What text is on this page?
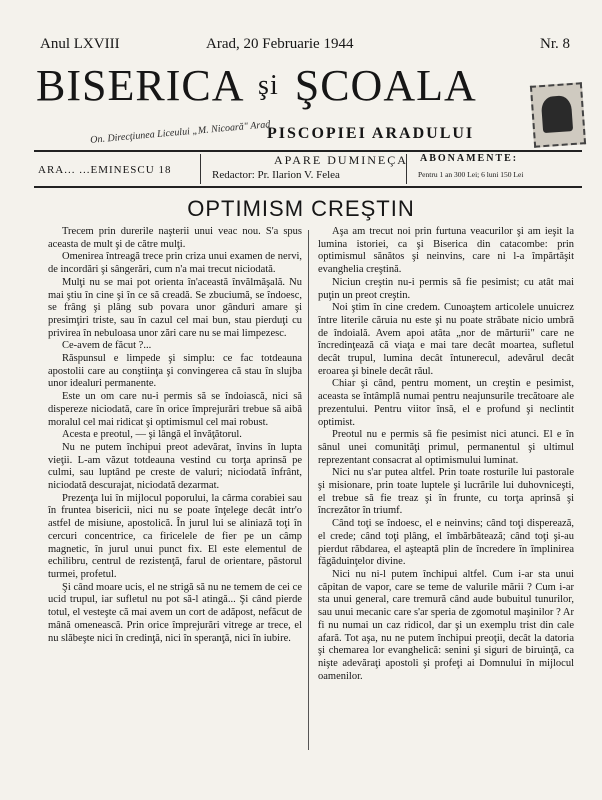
Anul LXVIII	Arad, 20 Februarie 1944	Nr. 8
BISERICA şi ŞCOALA
On. Direcţiunea Liceului „M. Nicoară" Arad
PISCOPIEI ARADULUI
ARA... ...EMINESCU 18
APARE DUMINEÇA
Redactor: Pr. Ilarion V. Felea
ABONAMENTE:
Pentru 1 an 300 Lei; 6 luni 150 Lei
OPTIMISM CREŞTIN

Trecem prin durerile naşterii unui veac nou. S'a spus aceasta de mult şi de către mulţi.

Omenirea întreagă trece prin criza unui examen de nervi, de incordări şi sângerări, cum n'a mai trecut niciodată.

Mulţi nu se mai pot orienta în'această învălmăşală. Nu mai ştiu în cine şi în ce să creadă. Se zbuciumă, se îndoesc, se frâng şi plâng sub povara unor gânduri amare şi presimţiri triste, sau în cazul cel mai bun, stau pierduţi cu privirea în nebuloasa unor zări care nu se mai limpezesc.

Ce-avem de făcut ?...

Răspunsul e limpede şi simplu: ce fac totdeauna apostolii care au conştiinţa şi convingerea că stau în slujba unor idealuri permanente.

Este un om care nu-i permis să se îndoiască, nici să dispereze niciodată, care în orice împrejurări trebue să aibă moralul cel mai ridicat şi optimismul cel mai robust.

Acesta e preotul, — şi lângă el învăţătorul.

Nu ne putem închipui preot adevărat, învins în lupta vieţii. L-am văzut totdeauna vestind cu torţa aprinsă pe culmi, sau luptând pe creste de valuri; niciodată înfrânt, niciodată descurajat, niciodată dezarmat.

Prezenţa lui în mijlocul poporului, la cârma corabiei sau în fruntea bisericii, nici nu se poate înţelege decât intr'o astfel de misiune, apostolică. În jurul lui se aliniază toţi în cercuri concentrice, ca firicelele de fier pe un câmp magnetic, în jurul unui punct fix. El este elementul de echilibru, centrul de rezistenţă, farul de orientare, păstorul turmei, profetul.

Şi când moare ucis, el ne strigă să nu ne temem de cei ce ucid trupul, iar sufletul nu pot să-l atingă... Şi când pierde totul, el vesteşte că mai avem un cort de adăpost, nefăcut de mână omenească. Prin orice împrejurări vitrege ar trece, el nu slăbeşte nici în credinţă, nici în speranţă, nici în iubire.

Aşa am trecut noi prin furtuna veacurilor şi am ieşit la lumina istoriei, ca şi Biserica din catacombe: prin optimismul sănătos şi neinvins, care ni l-a împărtăşit evanghelia creştină.

Niciun creştin nu-i permis să fie pesimist; cu atât mai puţin un preot creştin.

Noi ştim în cine credem. Cunoaştem articolele unuicrez între literile căruia nu este şi nu poate străbate nicio umbră de îndoială. Avem apoi atâta „nor de mărturii" care ne încredinţează că viaţa e mai tare decât moartea, sufletul decât trupul, lumina decât întunerecul, adevărul decât eroarea şi binele decât răul.

Chiar şi când, pentru moment, un creştin e pesimist, aceasta se întâmplă numai pentru neajunsurile trecătoare ale prezentului. Pentru viitor însă, el e profund şi neclintit optimist.

Preotul nu e permis să fie pesimist nici atunci. El e în sânul unei comunităţi primul, permanentul şi ultimul reprezentant consacrat al optimismului luminat.

Nici nu s'ar putea altfel. Prin toate rosturile lui pastorale şi misionare, prin toate luptele şi lucrările lui duhovniceşti, el trebue să fie treaz şi în frunte, cu torţa aprinsă şi încrezător în triumf.

Când toţi se îndoesc, el e neinvins; când toţi disperează, el crede; când toţi plâng, el îmbărbătează; când toţi şi-au pierdut răbdarea, el aşteaptă plin de încredere în împlinirea făgăduinţelor divine.

Nici nu ni-l putem închipui altfel. Cum i-ar sta unui căpitan de vapor, care se teme de valurile mării ? Cum i-ar sta unui general, care tremură când aude bubuitul tunurilor, sau unui mecanic care s'ar speria de zgomotul maşinilor ? Ar fi nu numai un caz ridicol, dar şi un exemplu trist din cale afară. Tot aşa, nu ne putem închipui preoţii, decât la datoria şi chemarea lor evanghelică: senini şi siguri de biruinţă, ca nişte adevăraţi apostoli şi profeţi ai Domnului în mijlocul oamenilor.
